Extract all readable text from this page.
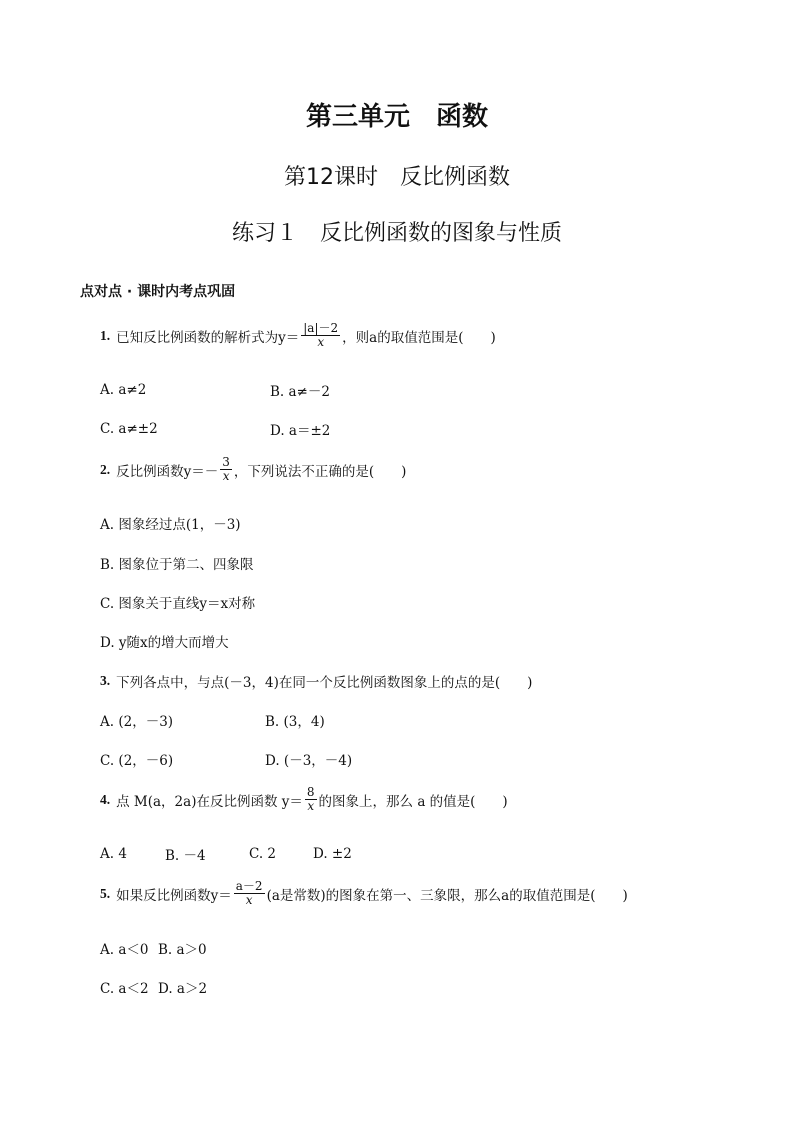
第三单元　函数
第12课时　反比例函数
练习１　反比例函数的图象与性质
点对点 · 课时内考点巩固
1. 已知反比例函数的解析式为$y= \frac{|a|-2}{x}$ ，则a的取值范围是(　　)
A. a≠2	B. a≠－2
C. a≠±2	D. a＝±2
2. 反比例函数$y=- \frac{3}{x}$ ，下列说法不正确的是(　　)
A. 图象经过点(1，－3)
B. 图象位于第二、四象限
C. 图象关于直线y＝x对称
D. y随x的增大而增大
3. 下列各点中，与点(－3，4)在同一个反比例函数图象上的点的是(　　)
A. (2，－3)	B. (3，4)
C. (2，－6)	D. (－3，－4)
4. 点 M(a，2a)在反比例函数 $y= \frac{8}{x}$ 的图象上，那么 a 的值是(　　)
A. 4	B. －4	C. 2	D. ±2
5. 如果反比例函数$y= \frac{a-2}{x} (a$是常数)的图象在第一、三象限，那么a的取值范围是(　　)
A. a＜0 B. a＞0
C. a＜2 D. a＞2
